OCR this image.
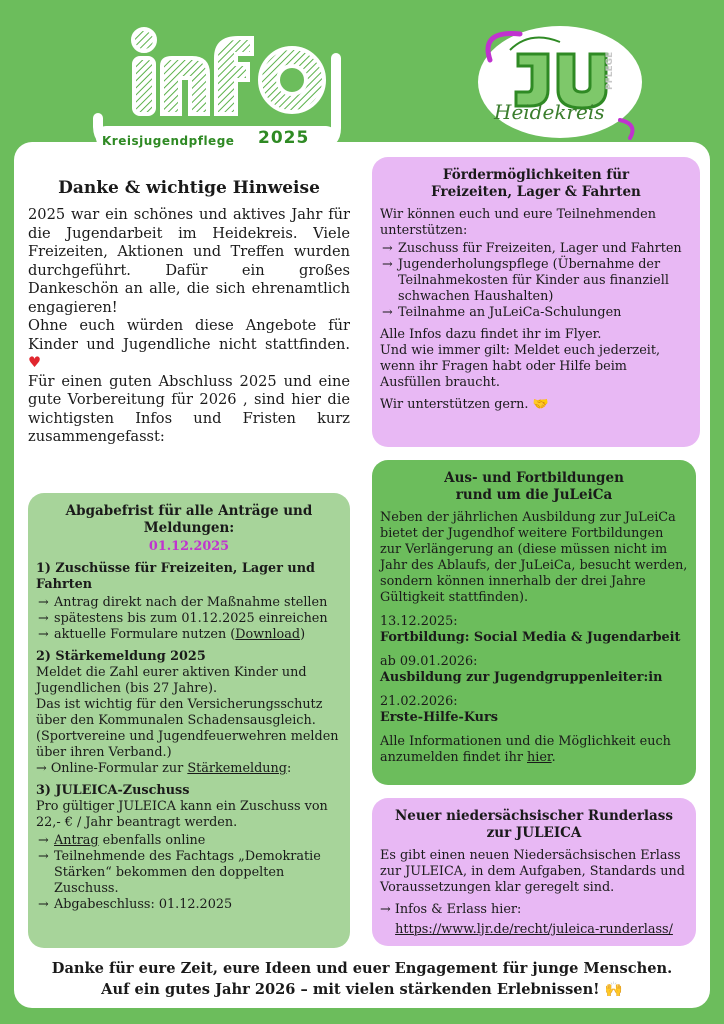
Kreisjugendpflege 2025
PFLEGE
Heidekreis
Danke & wichtige Hinweise

2025 war ein schönes und aktives Jahr für die Jugendarbeit im Heidekreis. Viele Freizeiten, Aktionen und Treffen wurden durchgeführt. Dafür ein großes Dankeschön an alle, die sich ehrenamtlich engagieren!

Ohne euch würden diese Angebote für Kinder und Jugendliche nicht stattfinden. ♥

Für einen guten Abschluss 2025 und eine gute Vorbereitung für 2026 , sind hier die wichtigsten Infos und Fristen kurz zusammengefasst:

Fördermöglichkeiten für
Freizeiten, Lager & Fahrten

Wir können euch und eure Teilnehmenden unterstützen:

→ Zuschuss für Freizeiten, Lager und Fahrten
→ Jugenderholungspflege (Übernahme der Teilnahmekosten für Kinder aus finanziell schwachen Haushalten)
→ Teilnahme an JuLeiCa-Schulungen

Alle Infos dazu findet ihr im Flyer.

Und wie immer gilt: Meldet euch jederzeit, wenn ihr Fragen habt oder Hilfe beim Ausfüllen braucht.

Wir unterstützen gern. 🤝

Abgabefrist für alle Anträge und Meldungen:

01.12.2025

1) Zuschüsse für Freizeiten, Lager und Fahrten

→ Antrag direkt nach der Maßnahme stellen
→ spätestens bis zum 01.12.2025 einreichen
→ aktuelle Formulare nutzen (Download)

2) Stärkemeldung 2025

Meldet die Zahl eurer aktiven Kinder und Jugendlichen (bis 27 Jahre).

Das ist wichtig für den Versicherungsschutz über den Kommunalen Schadensausgleich.

(Sportvereine und Jugendfeuerwehren melden über ihren Verband.)

→ Online-Formular zur Stärkemeldung:

3) JULEICA-Zuschuss

Pro gültiger JULEICA kann ein Zuschuss von 22,- € / Jahr beantragt werden.

→ Antrag ebenfalls online
→ Teilnehmende des Fachtags „Demokratie Stärken“ bekommen den doppelten Zuschuss.
→ Abgabeschluss: 01.12.2025
Aus- und Fortbildungen
rund um die JuLeiCa

Neben der jährlichen Ausbildung zur JuLeiCa bietet der Jugendhof weitere Fortbildungen zur Verlängerung an (diese müssen nicht im Jahr des Ablaufs, der JuLeiCa, besucht werden, sondern können innerhalb der drei Jahre Gültigkeit stattfinden).

13.12.2025:

Fortbildung: Social Media & Jugendarbeit

ab 09.01.2026:

Ausbildung zur Jugendgruppenleiter:in

21.02.2026:

Erste-Hilfe-Kurs

Alle Informationen und die Möglichkeit euch anzumelden findet ihr hier.

Neuer niedersächsischer Runderlass
zur JULEICA

Es gibt einen neuen Niedersächsischen Erlass zur JULEICA, in dem Aufgaben, Standards und Voraussetzungen klar geregelt sind.

→ Infos & Erlass hier:

https://www.ljr.de/recht/juleica-runderlass/

Danke für eure Zeit, eure Ideen und euer Engagement für junge Menschen.

Auf ein gutes Jahr 2026 – mit vielen stärkenden Erlebnissen! 🙌
